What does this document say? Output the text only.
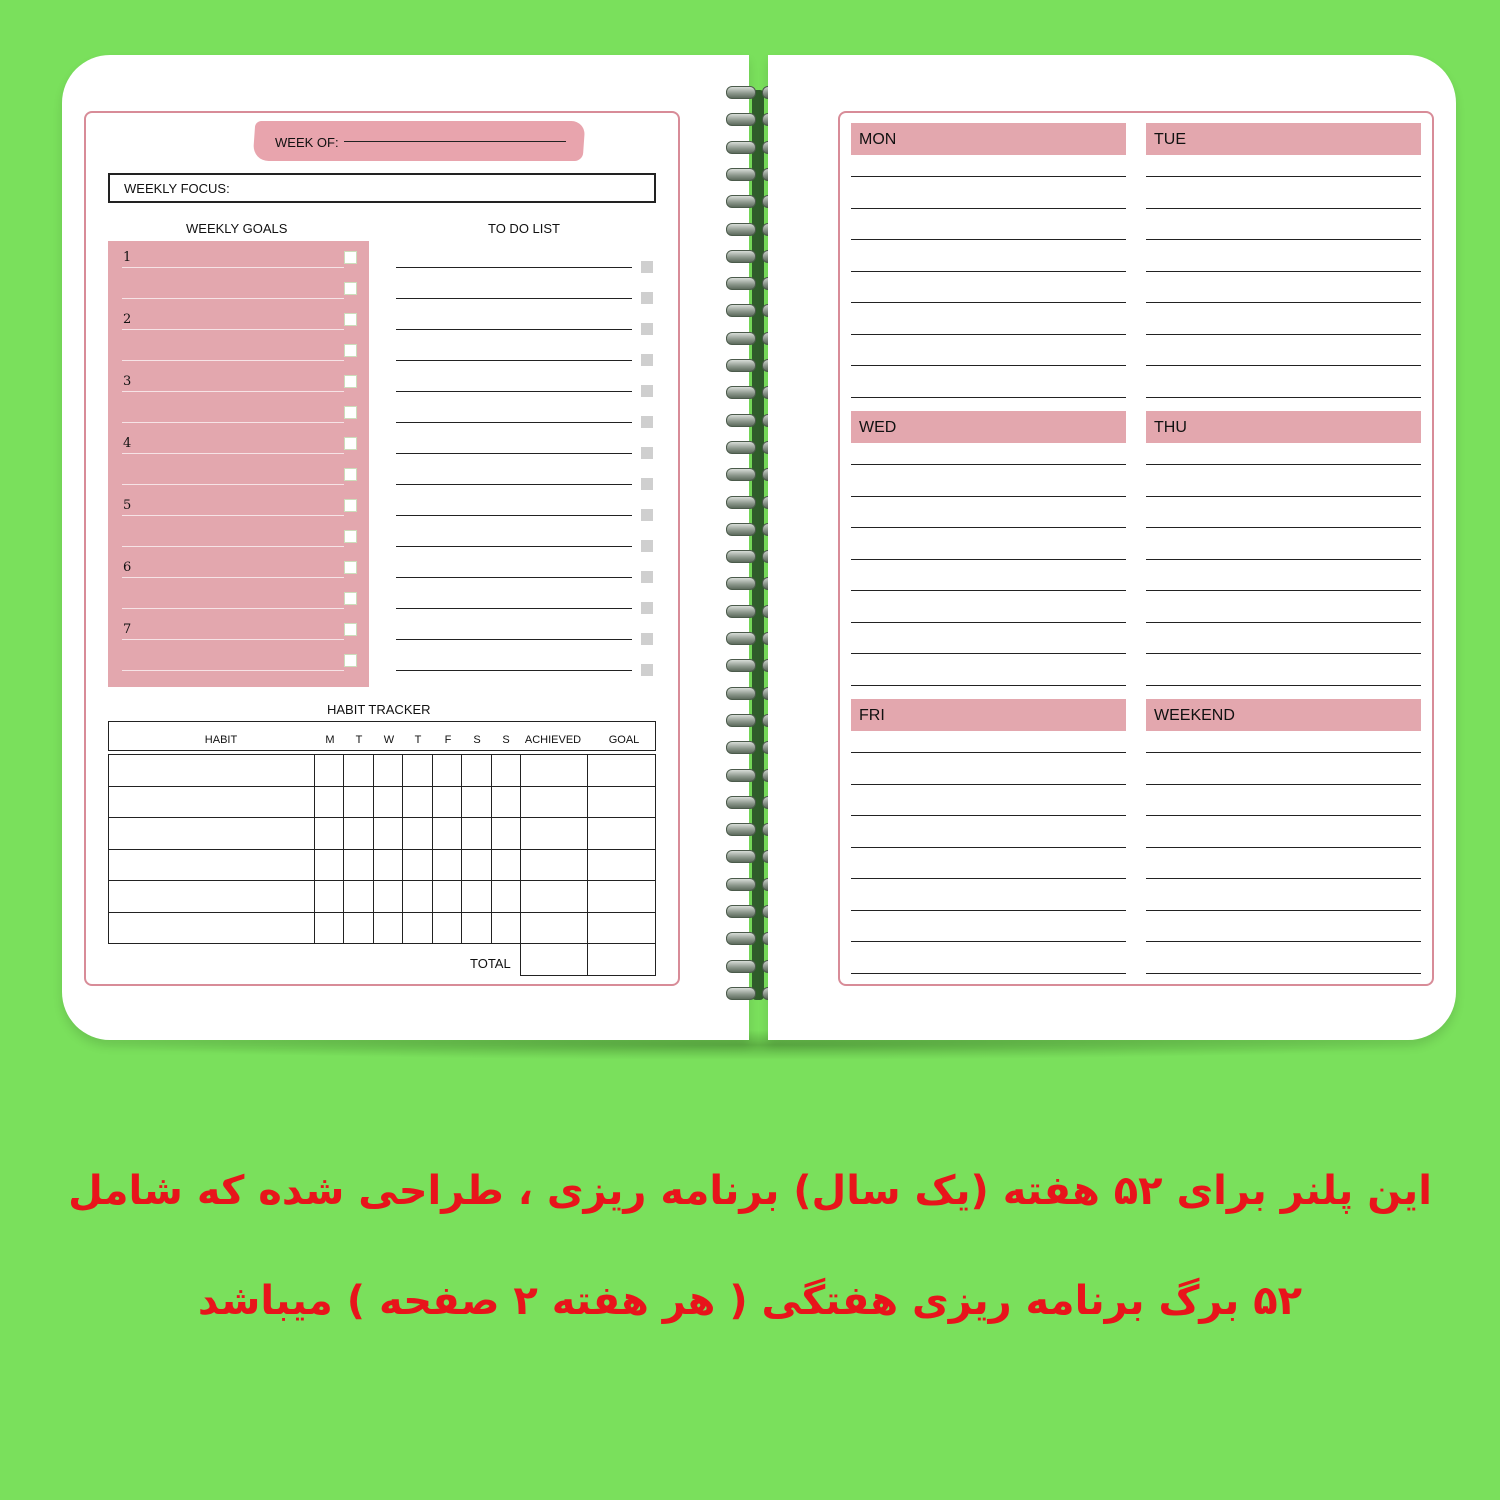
WEEK OF:
WEEKLY FOCUS:
WEEKLY GOALS	TO DO LIST
1
2
3
4
5
6
7
HABIT TRACKER
HABIT	M T W T F S S ACHIEVED	GOAL
TOTAL
MON	TUE
WED	THU
FRI	WEEKEND
این پلنر برای ۵۲ هفته (یک سال) برنامه ریزی ، طراحی شده که شامل
۵۲ برگ برنامه ریزی هفتگی ( هر هفته ۲ صفحه ) میباشد
